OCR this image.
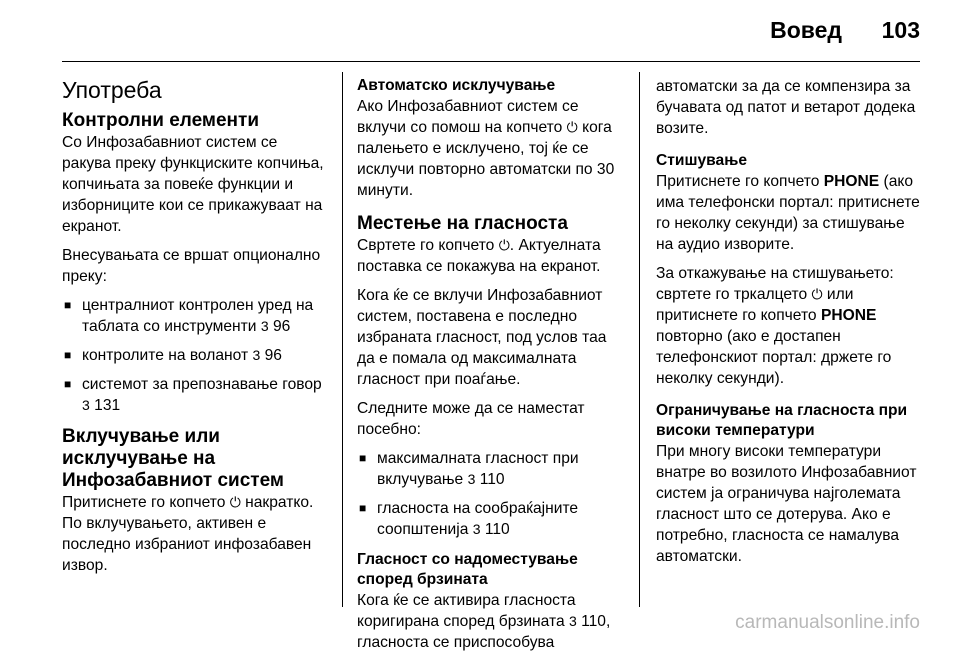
Вовед 103
Употреба
Контролни елементи

Со Инфозабавниот систем се ракува преку функциските копчиња, копчињата за повеќе функции и изборниците кои се прикажуваат на екранот.

Внесувањата се вршат опционално преку:

■ централниот контролен уред на таблата со инструменти 3 96
■ контролите на воланот 3 96
■ системот за препознавање говор 3 131
Вклучување или исклучување на Инфозабавниот систем

Притиснете го копчето ⏻ накратко. По вклучувањето, активен е последно избраниот инфозабавен извор.

Автоматско исклучување

Ако Инфозабавниот систем се вклучи со помош на копчето ⏻ кога палењето е исклучено, тој ќе се исклучи повторно автоматски по 30 минути.

Местење на гласноста

Свртете го копчето ⏻. Актуелната поставка се покажува на екранот.

Кога ќе се вклучи Инфозабавниот систем, поставена е последно избраната гласност, под услов таа да е помала од максималната гласност при поаѓање.

Следните може да се наместат посебно:

■ максималната гласност при вклучување 3 110
■ гласноста на сообраќајните соопштенија 3 110
Гласност со надоместување според брзината

Кога ќе се активира гласноста коригирана според брзината 3 110, гласноста се приспособува

автоматски за да се компензира за бучавата од патот и ветарот додека возите.

Стишување

Притиснете го копчето PHONE (ако има телефонски портал: притиснете го неколку секунди) за стишување на аудио изворите.

За откажување на стишувањето: свртете го тркалцето ⏻ или притиснете го копчето PHONE повторно (ако е достапен телефонскиот портал: држете го неколку секунди).

Ограничување на гласноста при високи температури

При многу високи температури внатре во возилото Инфозабавниот систем ја ограничува најголемата гласност што се дотерува. Ако е потребно, гласноста се намалува автоматски.

carmanualsonline.info
